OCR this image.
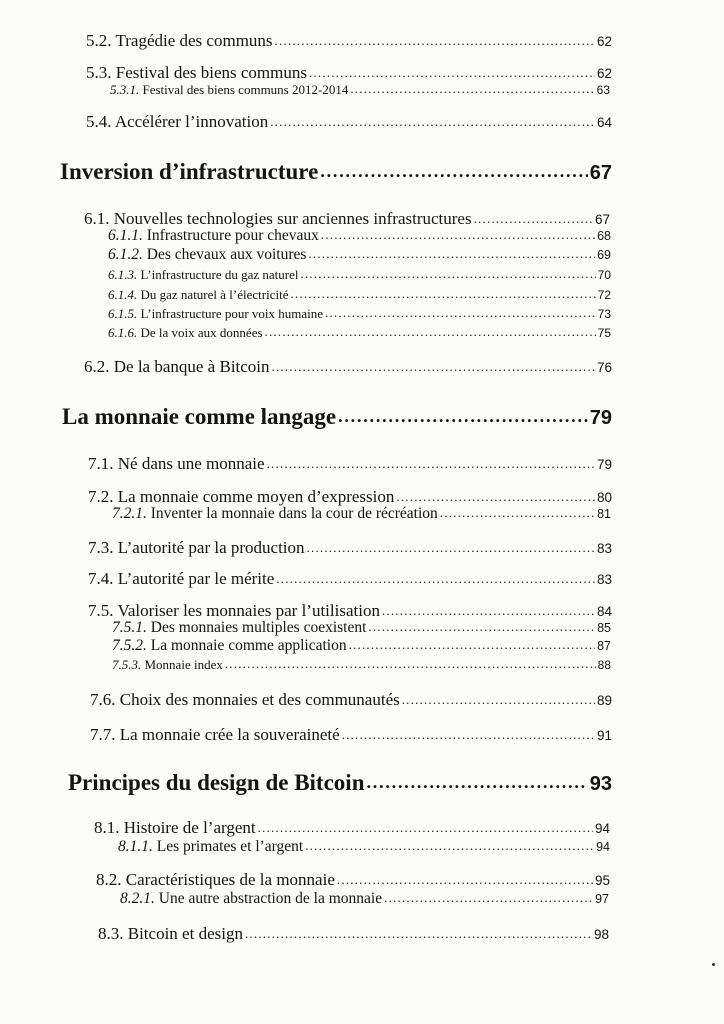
5.2. Tragédie des communs .....	62
5.3. Festival des biens communs .....	62
5.3.1. Festival des biens communs 2012-2014 .....	63
5.4. Accélérer l’innovation .....	64
Inversion d’infrastructure .....	67
6.1. Nouvelles technologies sur anciennes infrastructures .....	67
6.1.1. Infrastructure pour chevaux .....	68
6.1.2. Des chevaux aux voitures .....	69
6.1.3. L’infrastructure du gaz naturel .....	70
6.1.4. Du gaz naturel à l’électricité .....	72
6.1.5. L’infrastructure pour voix humaine .....	73
6.1.6. De la voix aux données .....	75
6.2. De la banque à Bitcoin .....	76
La monnaie comme langage .....	79
7.1. Né dans une monnaie .....	79
7.2. La monnaie comme moyen d’expression .....	80
7.2.1. Inventer la monnaie dans la cour de récréation .....	81
7.3. L’autorité par la production .....	83
7.4. L’autorité par le mérite .....	83
7.5. Valoriser les monnaies par l’utilisation .....	84
7.5.1. Des monnaies multiples coexistent .....	85
7.5.2. La monnaie comme application .....	87
7.5.3. Monnaie index .....	88
7.6. Choix des monnaies et des communautés .....	89
7.7. La monnaie crée la souveraineté .....	91
Principes du design de Bitcoin .....	93
8.1. Histoire de l’argent .....	94
8.1.1. Les primates et l’argent .....	94
8.2. Caractéristiques de la monnaie .....	95
8.2.1. Une autre abstraction de la monnaie .....	97
8.3. Bitcoin et design .....	98
